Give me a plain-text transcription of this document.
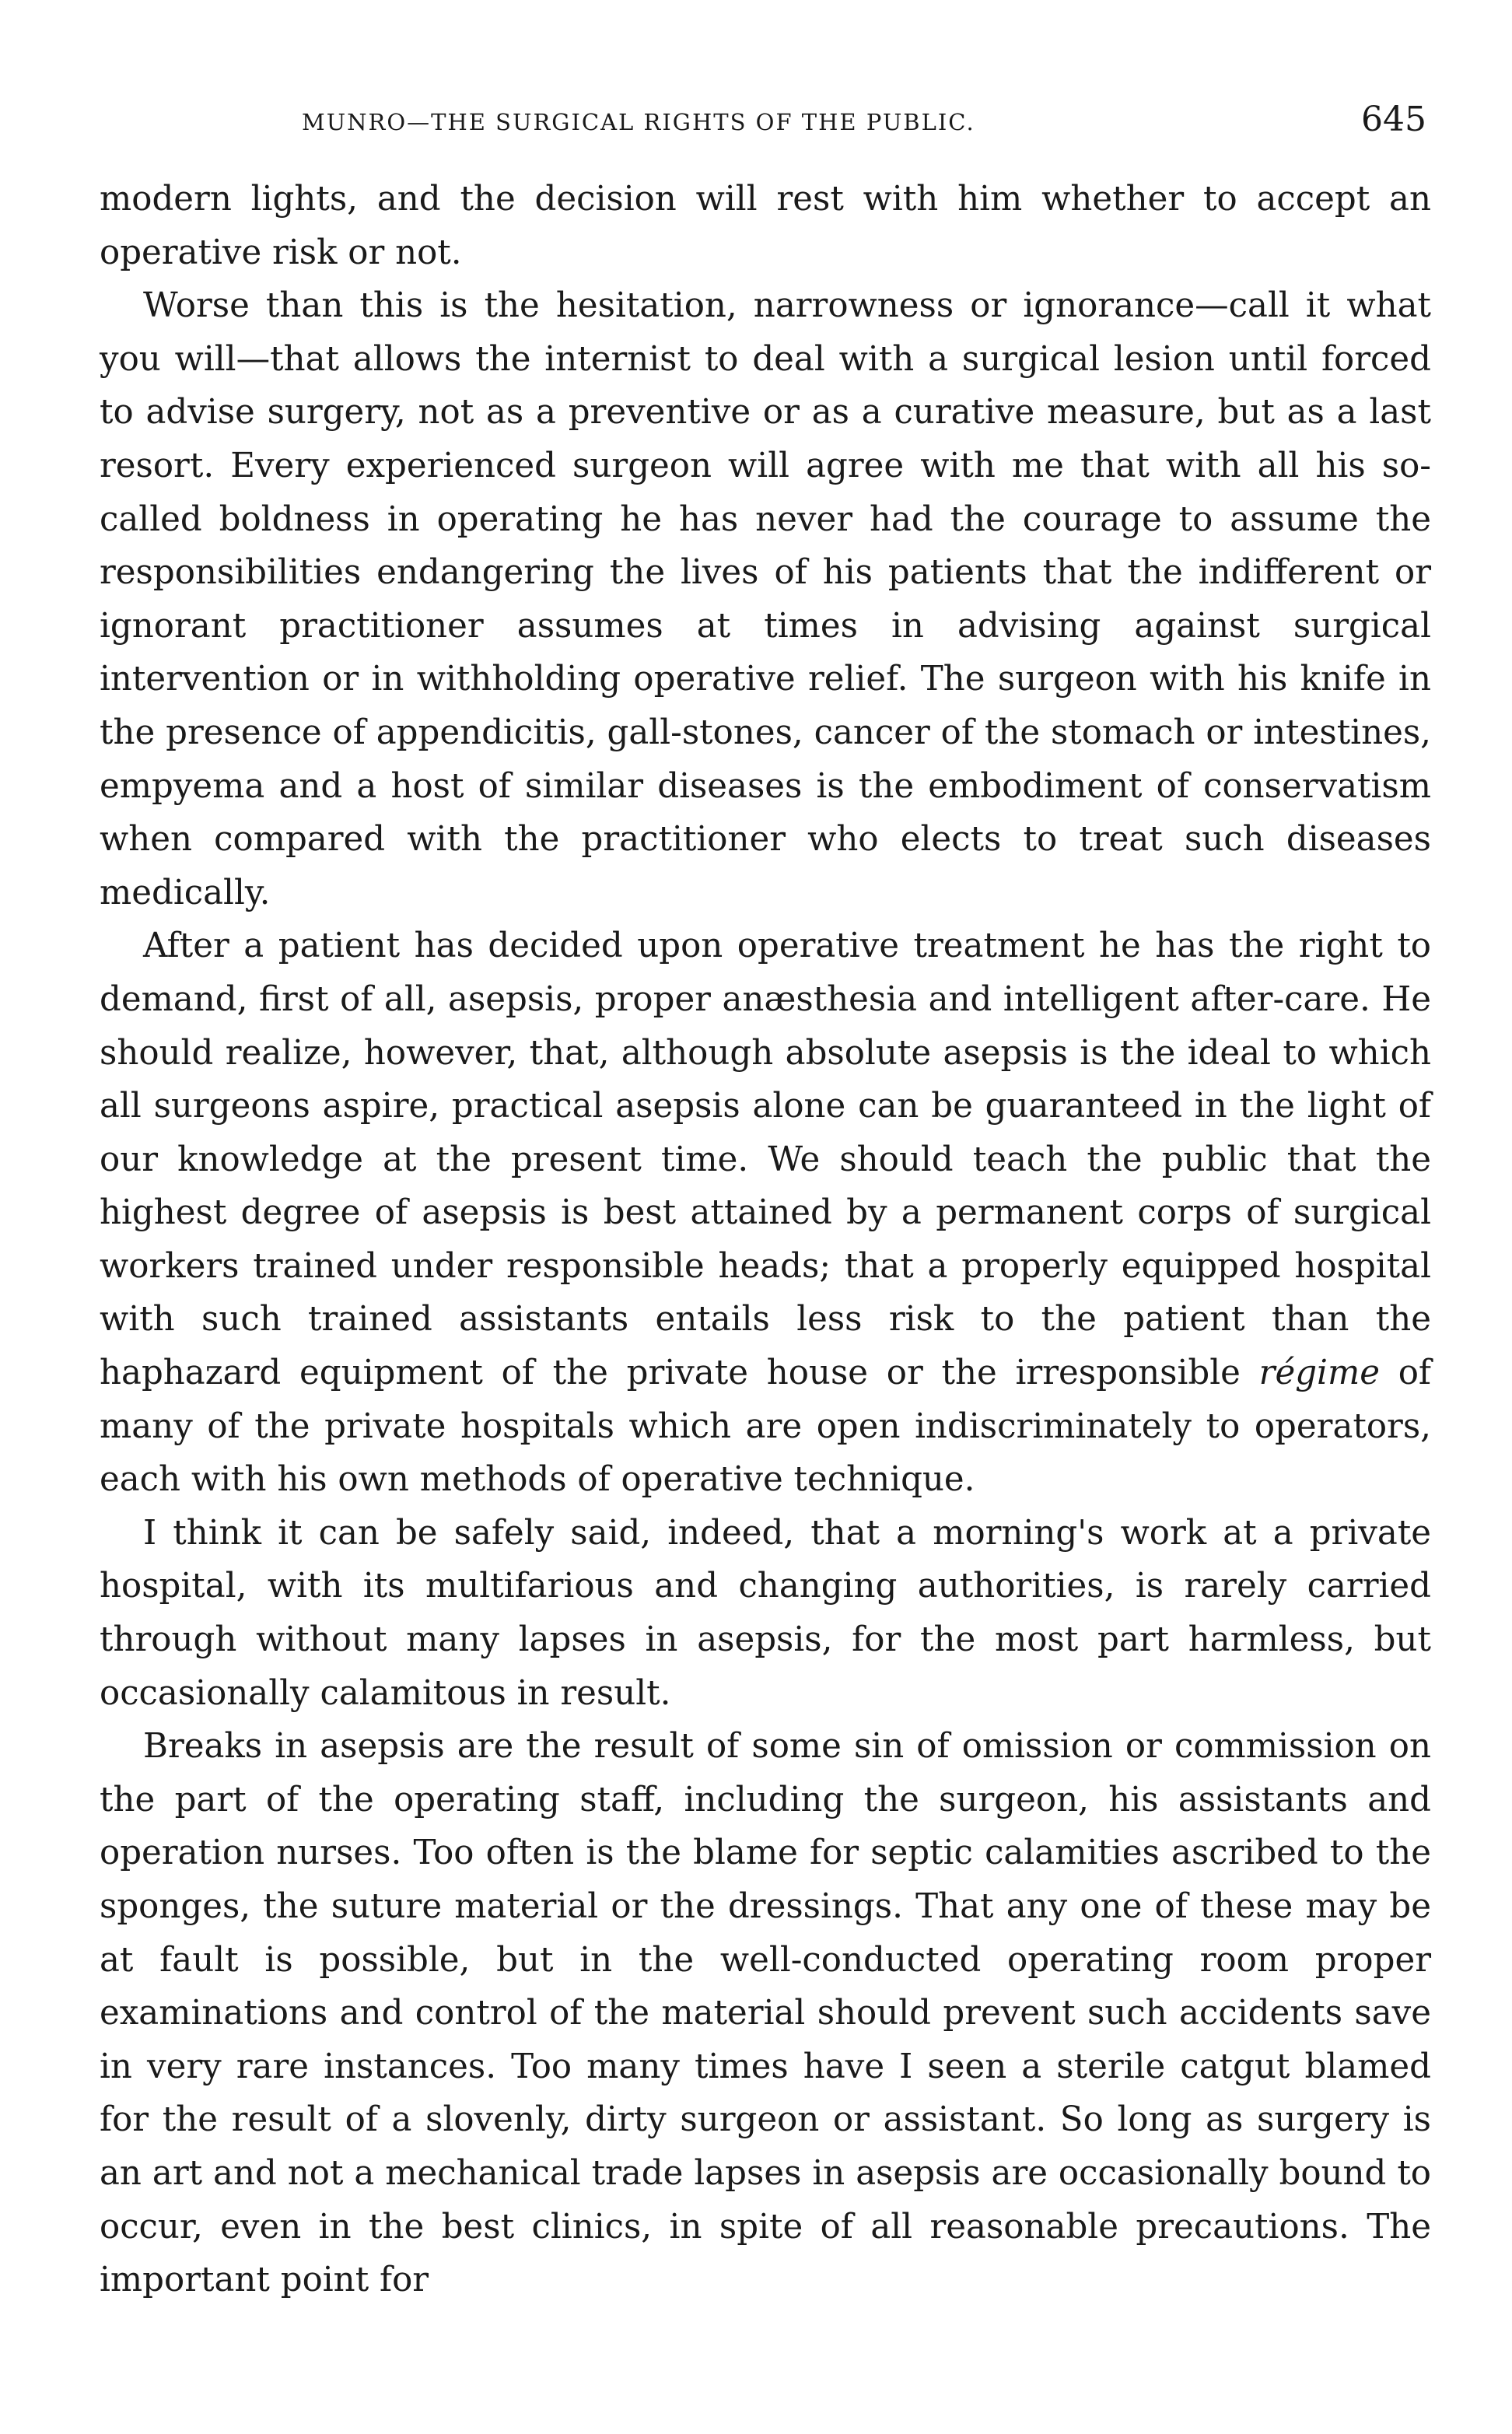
MUNRO—THE SURGICAL RIGHTS OF THE PUBLIC.	645

modern lights, and the decision will rest with him whether to accept an operative risk or not.

Worse than this is the hesitation, narrowness or ignorance—call it what you will—that allows the internist to deal with a surgical lesion until forced to advise surgery, not as a preventive or as a curative measure, but as a last resort. Every experienced surgeon will agree with me that with all his so-called boldness in operating he has never had the courage to assume the responsibilities endangering the lives of his patients that the indifferent or ignorant practitioner assumes at times in advising against surgical intervention or in withholding operative relief. The surgeon with his knife in the presence of appendicitis, gall-stones, cancer of the stomach or intestines, empyema and a host of similar diseases is the embodiment of conservatism when compared with the practitioner who elects to treat such diseases medically.

After a patient has decided upon operative treatment he has the right to demand, first of all, asepsis, proper anæsthesia and intelligent after-care. He should realize, however, that, although absolute asepsis is the ideal to which all surgeons aspire, practical asepsis alone can be guaranteed in the light of our knowledge at the present time. We should teach the public that the highest degree of asepsis is best attained by a permanent corps of surgical workers trained under responsible heads; that a properly equipped hospital with such trained assistants entails less risk to the patient than the haphazard equipment of the private house or the irresponsible régime of many of the private hospitals which are open indiscriminately to operators, each with his own methods of operative technique.

I think it can be safely said, indeed, that a morning's work at a private hospital, with its multifarious and changing authorities, is rarely carried through without many lapses in asepsis, for the most part harmless, but occasionally calamitous in result.

Breaks in asepsis are the result of some sin of omission or commission on the part of the operating staff, including the surgeon, his assistants and operation nurses. Too often is the blame for septic calamities ascribed to the sponges, the suture material or the dressings. That any one of these may be at fault is possible, but in the well-conducted operating room proper examinations and control of the material should prevent such accidents save in very rare instances. Too many times have I seen a sterile catgut blamed for the result of a slovenly, dirty surgeon or assistant. So long as surgery is an art and not a mechanical trade lapses in asepsis are occasionally bound to occur, even in the best clinics, in spite of all reasonable precautions. The important point for
